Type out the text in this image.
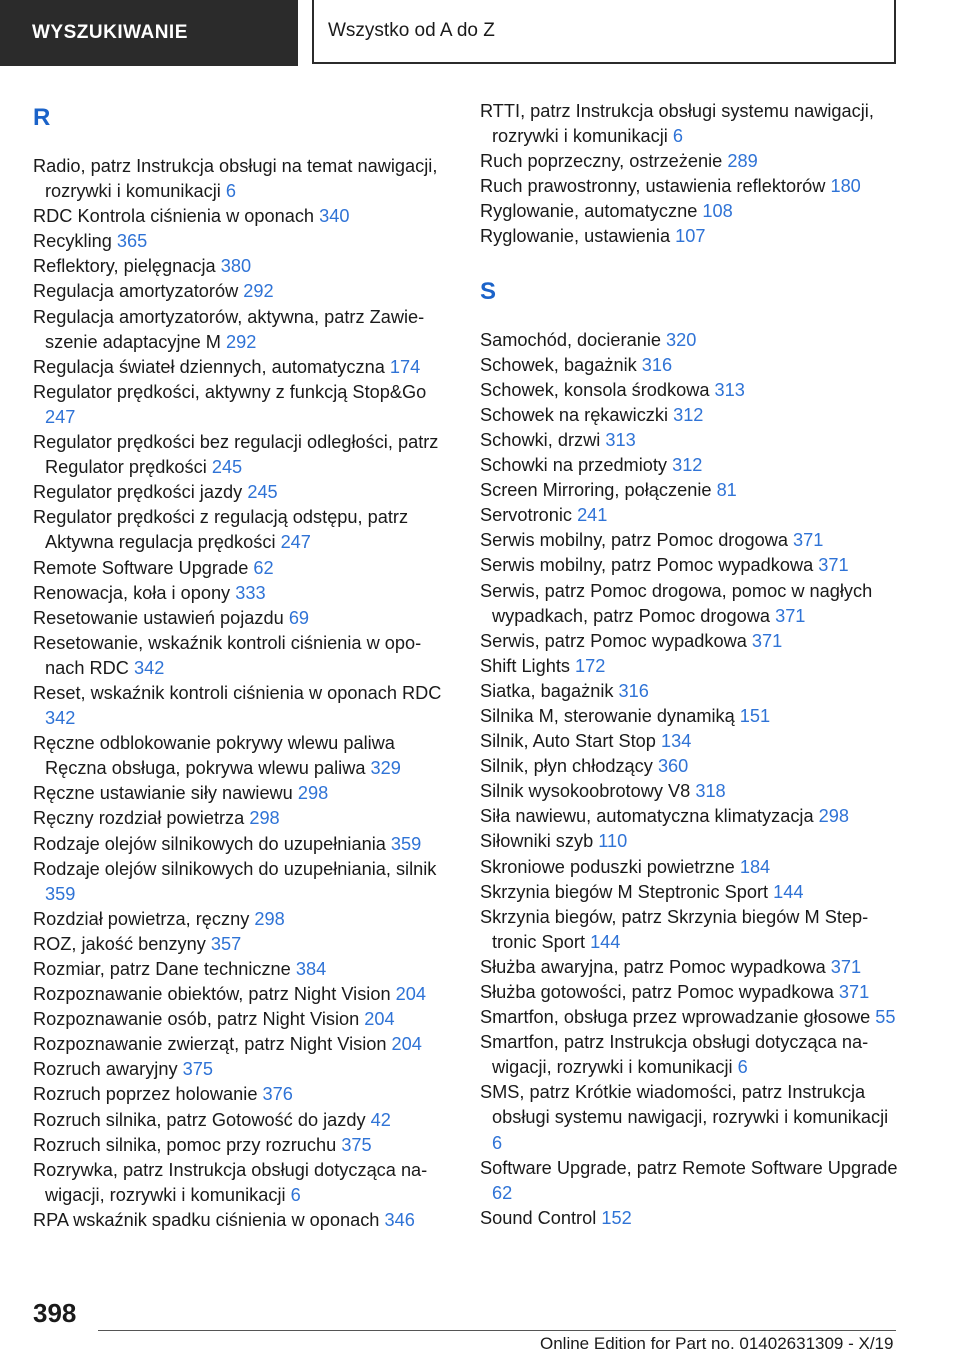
WYSZUKIWANIE	Wszystko od A do Z
R
Radio, patrz Instrukcja obsługi na temat nawigacji, rozrywki i komunikacji 6
RDC Kontrola ciśnienia w oponach 340
Recykling 365
Reflektory, pielęgnacja 380
Regulacja amortyzatorów 292
Regulacja amortyzatorów, aktywna, patrz Zawieszenie adaptacyjne M 292
Regulacja świateł dziennych, automatyczna 174
Regulator prędkości, aktywny z funkcją Stop&Go 247
Regulator prędkości bez regulacji odległości, patrz Regulator prędkości 245
Regulator prędkości jazdy 245
Regulator prędkości z regulacją odstępu, patrz Aktywna regulacja prędkości 247
Remote Software Upgrade 62
Renowacja, koła i opony 333
Resetowanie ustawień pojazdu 69
Resetowanie, wskaźnik kontroli ciśnienia w oponach RDC 342
Reset, wskaźnik kontroli ciśnienia w oponach RDC 342
Ręczne odblokowanie pokrywy wlewu paliwa Ręczna obsługa, pokrywa wlewu paliwa 329
Ręczne ustawianie siły nawiewu 298
Ręczny rozdział powietrza 298
Rodzaje olejów silnikowych do uzupełniania 359
Rodzaje olejów silnikowych do uzupełniania, silnik 359
Rozdział powietrza, ręczny 298
ROZ, jakość benzyny 357
Rozmiar, patrz Dane techniczne 384
Rozpoznawanie obiektów, patrz Night Vision 204
Rozpoznawanie osób, patrz Night Vision 204
Rozpoznawanie zwierząt, patrz Night Vision 204
Rozruch awaryjny 375
Rozruch poprzez holowanie 376
Rozruch silnika, patrz Gotowość do jazdy 42
Rozruch silnika, pomoc przy rozruchu 375
Rozrywka, patrz Instrukcja obsługi dotycząca nawigacji, rozrywki i komunikacji 6
RPA wskaźnik spadku ciśnienia w oponach 346
RTTI, patrz Instrukcja obsługi systemu nawigacji, rozrywki i komunikacji 6
Ruch poprzeczny, ostrzeżenie 289
Ruch prawostronny, ustawienia reflektorów 180
Ryglowanie, automatyczne 108
Ryglowanie, ustawienia 107
S
Samochód, docieranie 320
Schowek, bagażnik 316
Schowek, konsola środkowa 313
Schowek na rękawiczki 312
Schowki, drzwi 313
Schowki na przedmioty 312
Screen Mirroring, połączenie 81
Servotronic 241
Serwis mobilny, patrz Pomoc drogowa 371
Serwis mobilny, patrz Pomoc wypadkowa 371
Serwis, patrz Pomoc drogowa, pomoc w nagłych wypadkach, patrz Pomoc drogowa 371
Serwis, patrz Pomoc wypadkowa 371
Shift Lights 172
Siatka, bagażnik 316
Silnika M, sterowanie dynamiką 151
Silnik, Auto Start Stop 134
Silnik, płyn chłodzący 360
Silnik wysokoobrotowy V8 318
Siła nawiewu, automatyczna klimatyzacja 298
Siłowniki szyb 110
Skroniowe poduszki powietrzne 184
Skrzynia biegów M Steptronic Sport 144
Skrzynia biegów, patrz Skrzynia biegów M Steptronic Sport 144
Służba awaryjna, patrz Pomoc wypadkowa 371
Służba gotowości, patrz Pomoc wypadkowa 371
Smartfon, obsługa przez wprowadzanie głosowe 55
Smartfon, patrz Instrukcja obsługi dotycząca nawigacji, rozrywki i komunikacji 6
SMS, patrz Krótkie wiadomości, patrz Instrukcja obsługi systemu nawigacji, rozrywki i komunikacji 6
Software Upgrade, patrz Remote Software Upgrade 62
Sound Control 152
398
Online Edition for Part no. 01402631309 - X/19
